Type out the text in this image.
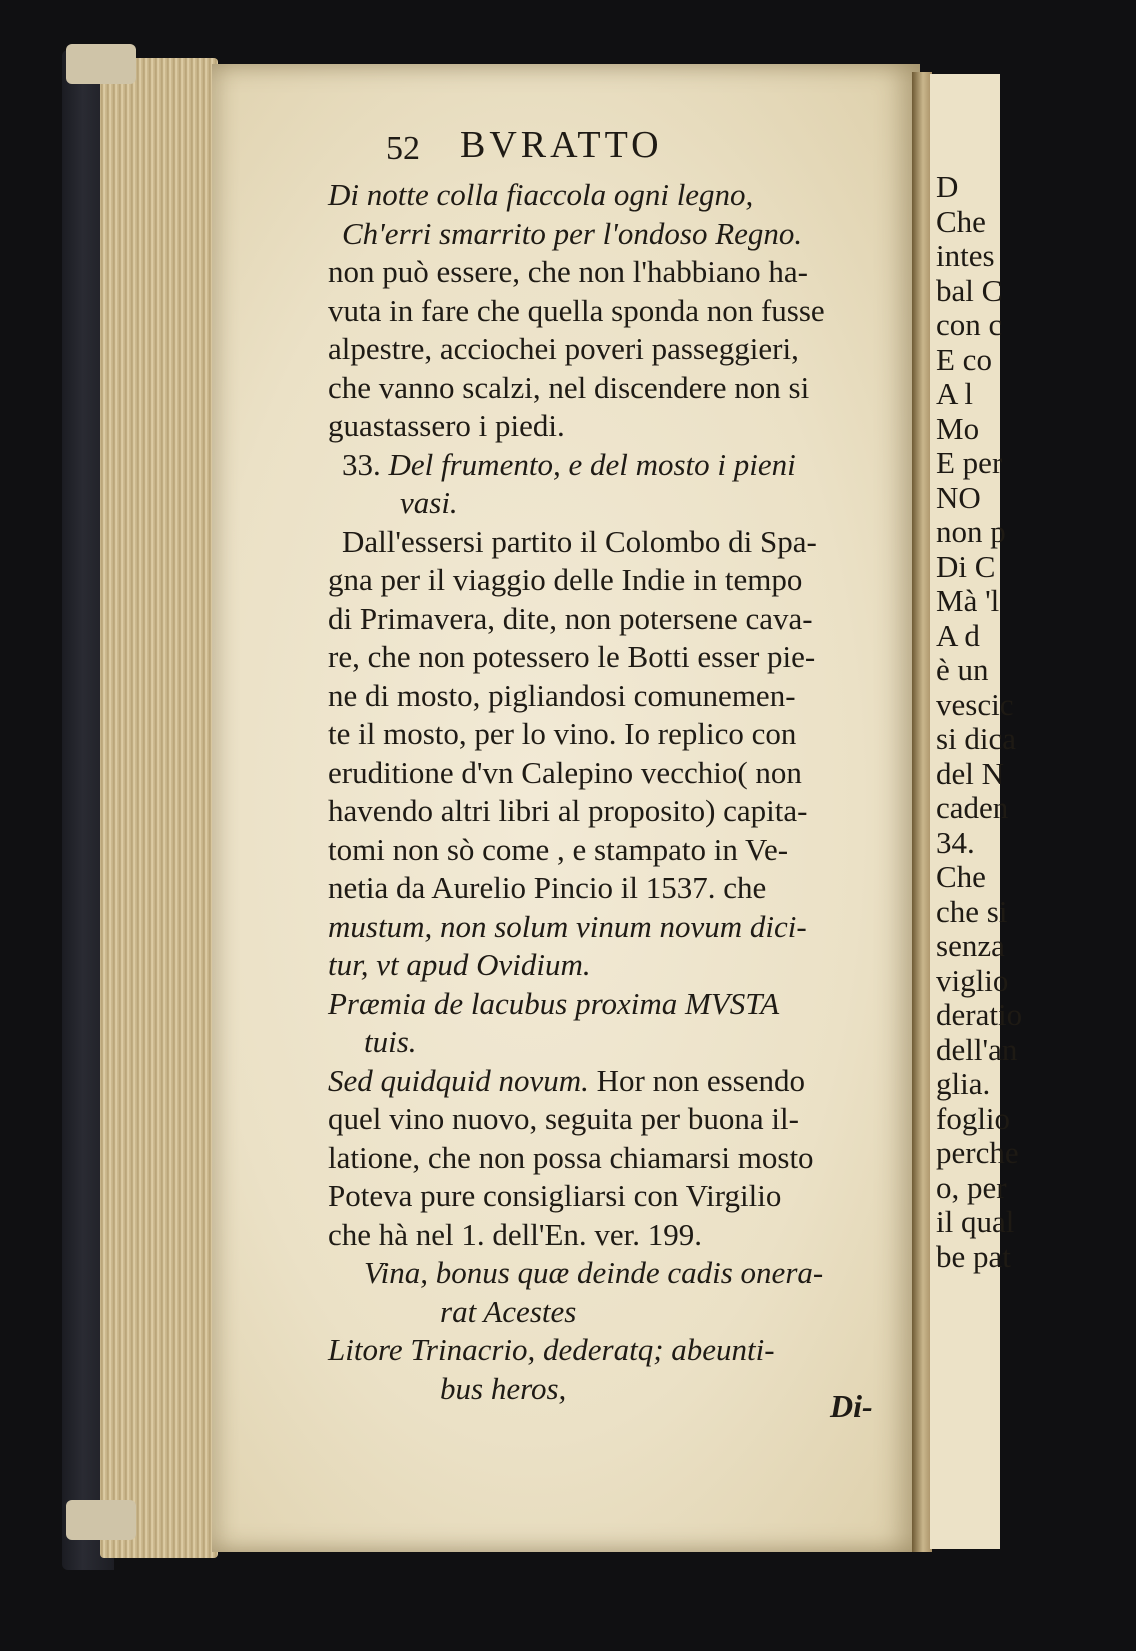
D
Che
intes
bal C
con c
E co
A l
Mo
E per
NO
non p
Di C
Mà 'l
A d
è un
vescic
si dica
del N
caden
34.
Che
che si
senza
viglio
deratio
dell'an
glia.
foglio
perche
o, per
il qual
be pat
52 BVRATTO
Di notte colla fiaccola ogni legno,
Ch'erri smarrito per l'ondoso Regno.
non può essere, che non l'habbiano ha-
vuta in fare che quella sponda non fusse
alpestre, acciochei poveri passeggieri,
che vanno scalzi, nel discendere non si
guastassero i piedi.
33. Del frumento, e del mosto i pieni
vasi.
Dall'essersi partito il Colombo di Spa-
gna per il viaggio delle Indie in tempo
di Primavera, dite, non potersene cava-
re, che non potessero le Botti esser pie-
ne di mosto, pigliandosi comunemen-
te il mosto, per lo vino. Io replico con
eruditione d'vn Calepino vecchio( non
havendo altri libri al proposito) capita-
tomi non sò come , e stampato in Ve-
netia da Aurelio Pincio il 1537. che
mustum, non solum vinum novum dici-
tur, vt apud Ovidium.
Præmia de lacubus proxima MVSTA
tuis.
Sed quidquid novum. Hor non essendo
quel vino nuovo, seguita per buona il-
latione, che non possa chiamarsi mosto
Poteva pure consigliarsi con Virgilio
che hà nel 1. dell'En. ver. 199.
Vina, bonus quæ deinde cadis onera-
rat Acestes
Litore Trinacrio, dederatq; abeunti-
bus heros,	Di-
